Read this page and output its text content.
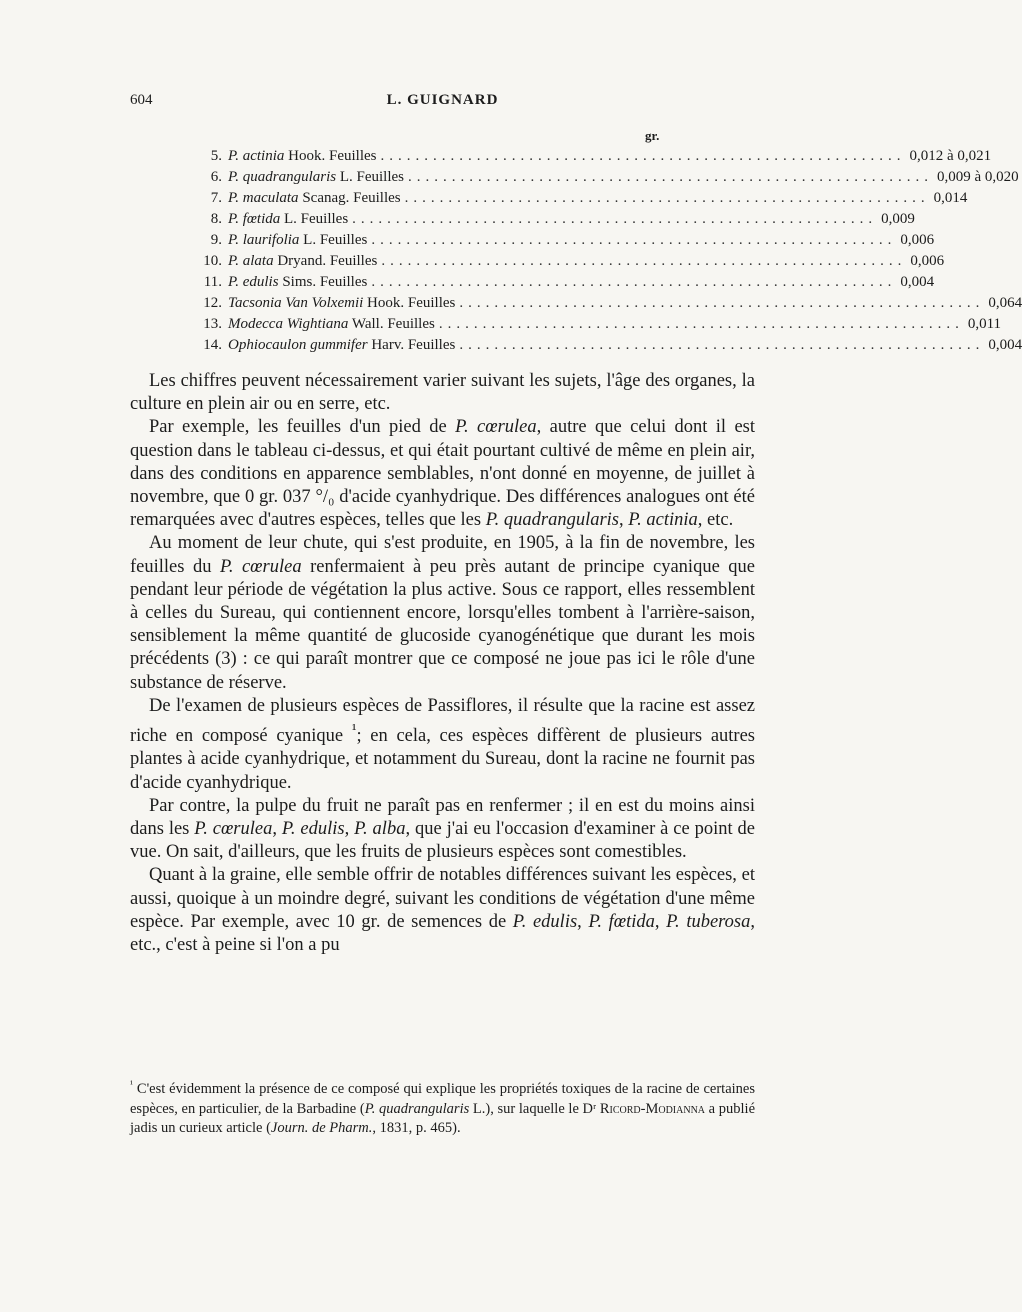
604	L. GUIGNARD
gr.
5. P. actinia Hook. Feuilles ............................................................ 0,012 à 0,021
6. P. quadrangularis L. Feuilles ............................................................ 0,009 à 0,020
7. P. maculata Scanag. Feuilles ............................................................ 0,014
8. P. fœtida L. Feuilles ............................................................ 0,009
9. P. laurifolia L. Feuilles ............................................................ 0,006
10. P. alata Dryand. Feuilles ............................................................ 0,006
11. P. edulis Sims. Feuilles ............................................................ 0,004
12. Tacsonia Van Volxemii Hook. Feuilles ............................................................ 0,064
13. Modecca Wightiana Wall. Feuilles ............................................................ 0,011
14. Ophiocaulon gummifer Harv. Feuilles ............................................................ 0,004

Les chiffres peuvent nécessairement varier suivant les sujets, l'âge des organes, la culture en plein air ou en serre, etc.

Par exemple, les feuilles d'un pied de P. cœrulea, autre que celui dont il est question dans le tableau ci-dessus, et qui était pourtant cultivé de même en plein air, dans des conditions en apparence semblables, n'ont donné en moyenne, de juillet à novembre, que 0 gr. 037 °/₀ d'acide cyanhydrique. Des différences analogues ont été remarquées avec d'autres espèces, telles que les P. quadrangularis, P. actinia, etc.

Au moment de leur chute, qui s'est produite, en 1905, à la fin de novembre, les feuilles du P. cœrulea renfermaient à peu près autant de principe cyanique que pendant leur période de végétation la plus active. Sous ce rapport, elles ressemblent à celles du Sureau, qui contiennent encore, lorsqu'elles tombent à l'arrière-saison, sensiblement la même quantité de glucoside cyanogénétique que durant les mois précédents (3) : ce qui paraît montrer que ce composé ne joue pas ici le rôle d'une substance de réserve.

De l'examen de plusieurs espèces de Passiflores, il résulte que la racine est assez riche en composé cyanique $^{^1}$; en cela, ces espèces diffèrent de plusieurs autres plantes à acide cyanhydrique, et notamment du Sureau, dont la racine ne fournit pas d'acide cyanhydrique.

Par contre, la pulpe du fruit ne paraît pas en renfermer ; il en est du moins ainsi dans les P. cœrulea, P. edulis, P. alba, que j'ai eu l'occasion d'examiner à ce point de vue. On sait, d'ailleurs, que les fruits de plusieurs espèces sont comestibles.

Quant à la graine, elle semble offrir de notables différences suivant les espèces, et aussi, quoique à un moindre degré, suivant les conditions de végétation d'une même espèce. Par exemple, avec 10 gr. de semences de P. edulis, P. fœtida, P. tuberosa, etc., c'est à peine si l'on a pu

$^{^1}$ C'est évidemment la présence de ce composé qui explique les propriétés toxiques de la racine de certaines espèces, en particulier, de la Barbadine (P. quadrangularis L.), sur laquelle le Dʳ Ricord-Modianna a publié jadis un curieux article (Journ. de Pharm., 1831, p. 465).
